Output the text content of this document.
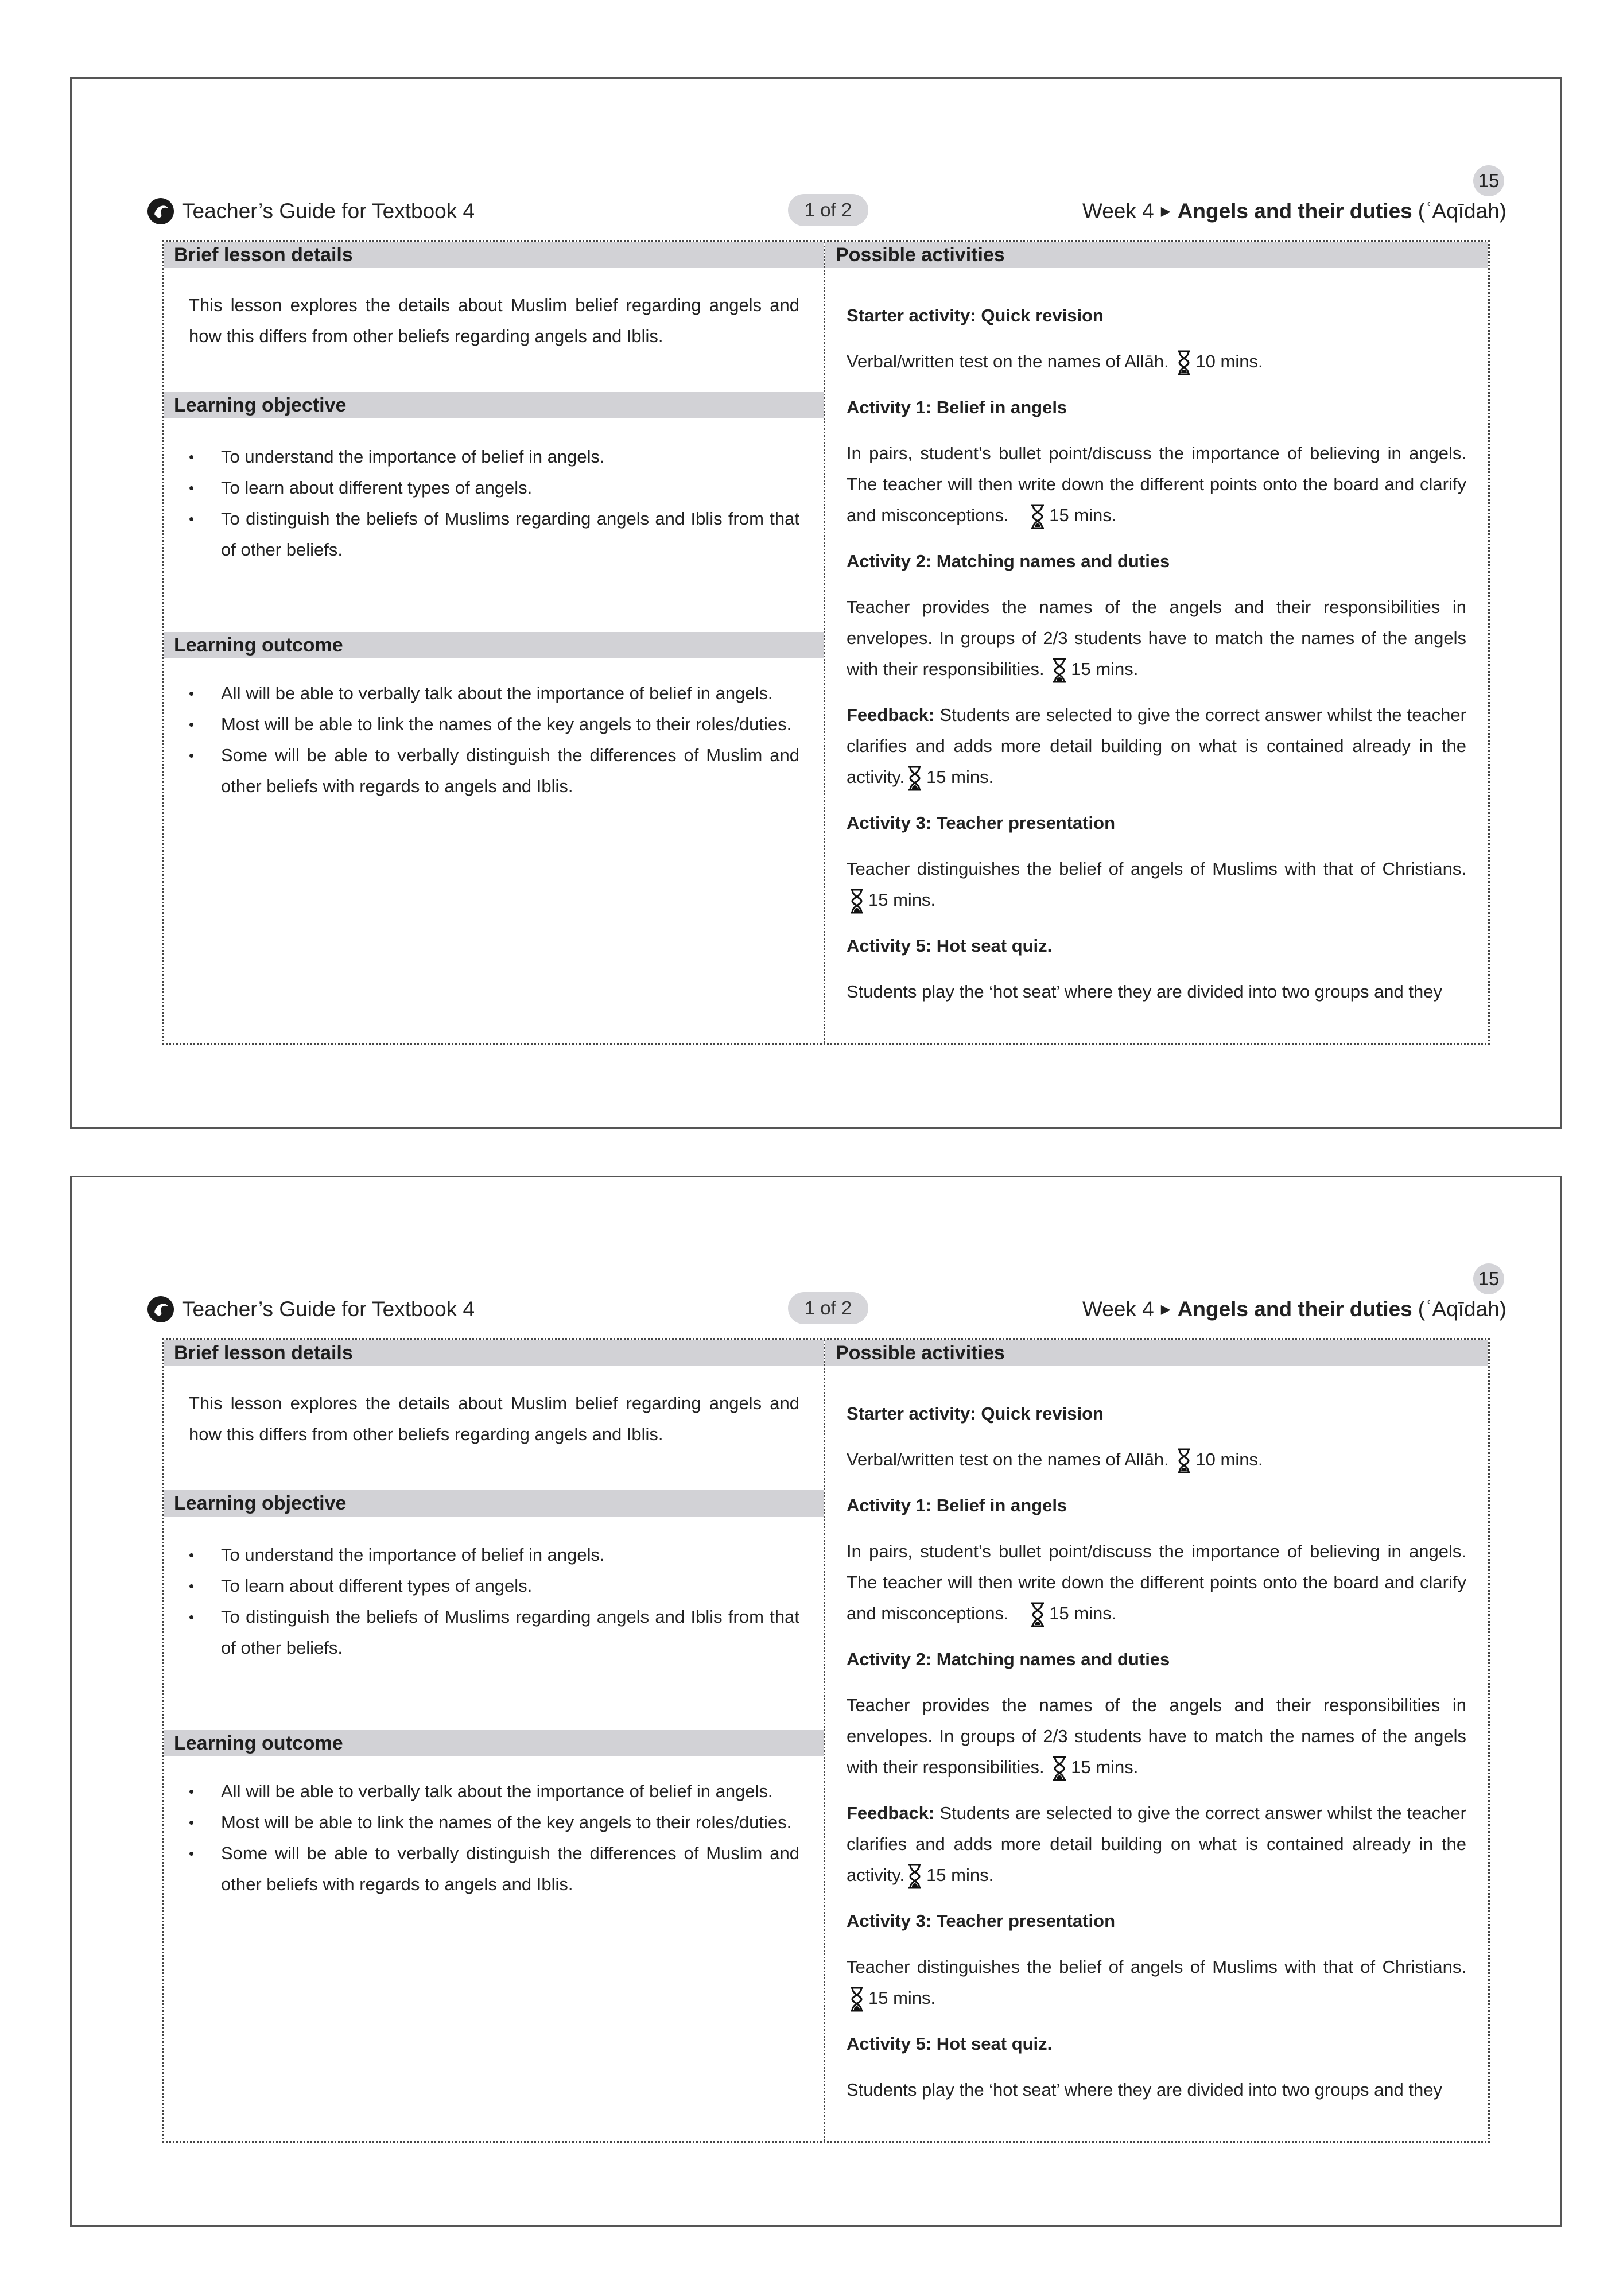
15
Teacher’s Guide for Textbook 4	1 of 2	Week 4 ▶ Angels and their duties (ʿAqīdah)
Brief lesson details	Possible activities
This lesson explores the details about Muslim belief regarding angels and how this differs from other beliefs regarding angels and Iblis.
Learning objective
• To understand the importance of belief in angels.
• To learn about different types of angels.
• To distinguish the beliefs of Muslims regarding angels and Iblis from that of other beliefs.
Learning outcome
• All will be able to verbally talk about the importance of belief in angels.
• Most will be able to link the names of the key angels to their roles/duties.
• Some will be able to verbally distinguish the differences of Muslim and other beliefs with regards to angels and Iblis.

Starter activity: Quick revision

Verbal/written test on the names of Allāh. 10 mins.

Activity 1: Belief in angels

In pairs, student’s bullet point/discuss the importance of believing in angels. The teacher will then write down the different points onto the board and clarify and misconceptions. 15 mins.

Activity 2: Matching names and duties

Teacher provides the names of the angels and their responsibilities in envelopes. In groups of 2/3 students have to match the names of the angels with their responsibilities. 15 mins.

Feedback: Students are selected to give the correct answer whilst the teacher clarifies and adds more detail building on what is contained already in the activity. 15 mins.

Activity 3: Teacher presentation

Teacher distinguishes the belief of angels of Muslims with that of Christians. 15 mins.

Activity 5: Hot seat quiz.

Students play the ‘hot seat’ where they are divided into two groups and they

15
Teacher’s Guide for Textbook 4	1 of 2	Week 4 ▶ Angels and their duties (ʿAqīdah)
Brief lesson details	Possible activities
This lesson explores the details about Muslim belief regarding angels and how this differs from other beliefs regarding angels and Iblis.
Learning objective
• To understand the importance of belief in angels.
• To learn about different types of angels.
• To distinguish the beliefs of Muslims regarding angels and Iblis from that of other beliefs.
Learning outcome
• All will be able to verbally talk about the importance of belief in angels.
• Most will be able to link the names of the key angels to their roles/duties.
• Some will be able to verbally distinguish the differences of Muslim and other beliefs with regards to angels and Iblis.

Starter activity: Quick revision

Verbal/written test on the names of Allāh. 10 mins.

Activity 1: Belief in angels

In pairs, student’s bullet point/discuss the importance of believing in angels. The teacher will then write down the different points onto the board and clarify and misconceptions. 15 mins.

Activity 2: Matching names and duties

Teacher provides the names of the angels and their responsibilities in envelopes. In groups of 2/3 students have to match the names of the angels with their responsibilities. 15 mins.

Feedback: Students are selected to give the correct answer whilst the teacher clarifies and adds more detail building on what is contained already in the activity. 15 mins.

Activity 3: Teacher presentation

Teacher distinguishes the belief of angels of Muslims with that of Christians. 15 mins.

Activity 5: Hot seat quiz.

Students play the ‘hot seat’ where they are divided into two groups and they
